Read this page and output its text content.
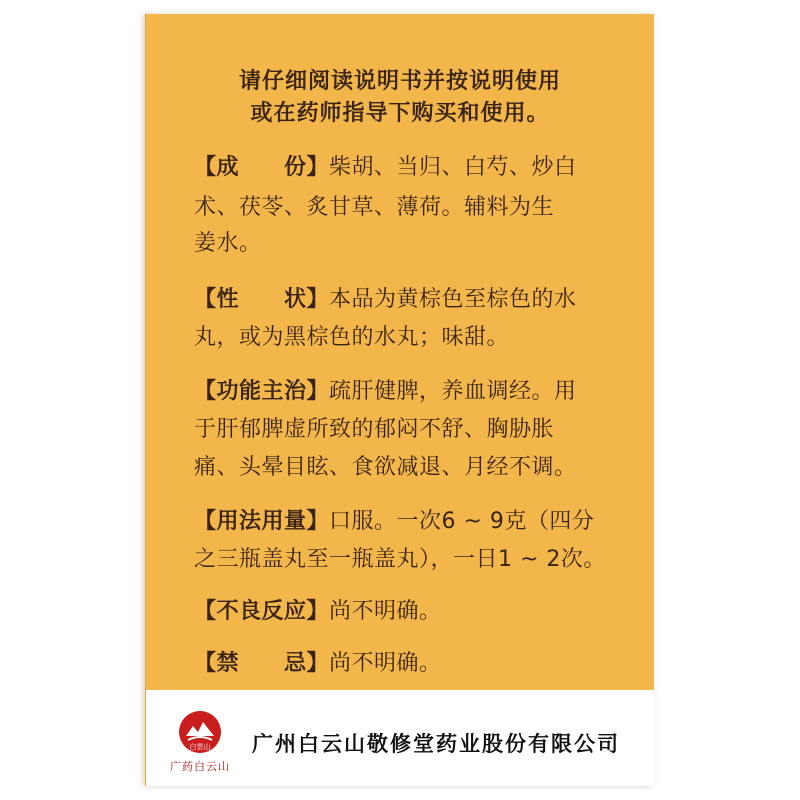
请仔细阅读说明书并按说明使用
或在药师指导下购买和使用。
【成　　份】柴胡、当归、白芍、炒白
术、茯苓、炙甘草、薄荷。辅料为生
姜水。
【性　　状】本品为黄棕色至棕色的水
丸，或为黑棕色的水丸；味甜。
【功能主治】疏肝健脾，养血调经。用
于肝郁脾虚所致的郁闷不舒、胸胁胀
痛、头晕目眩、食欲减退、月经不调。
【用法用量】口服。一次6 ~ 9克（四分
之三瓶盖丸至一瓶盖丸），一日1 ~ 2次。
【不良反应】尚不明确。
【禁　　忌】尚不明确。
白雲山
广药白云山
广州白云山敬修堂药业股份有限公司
